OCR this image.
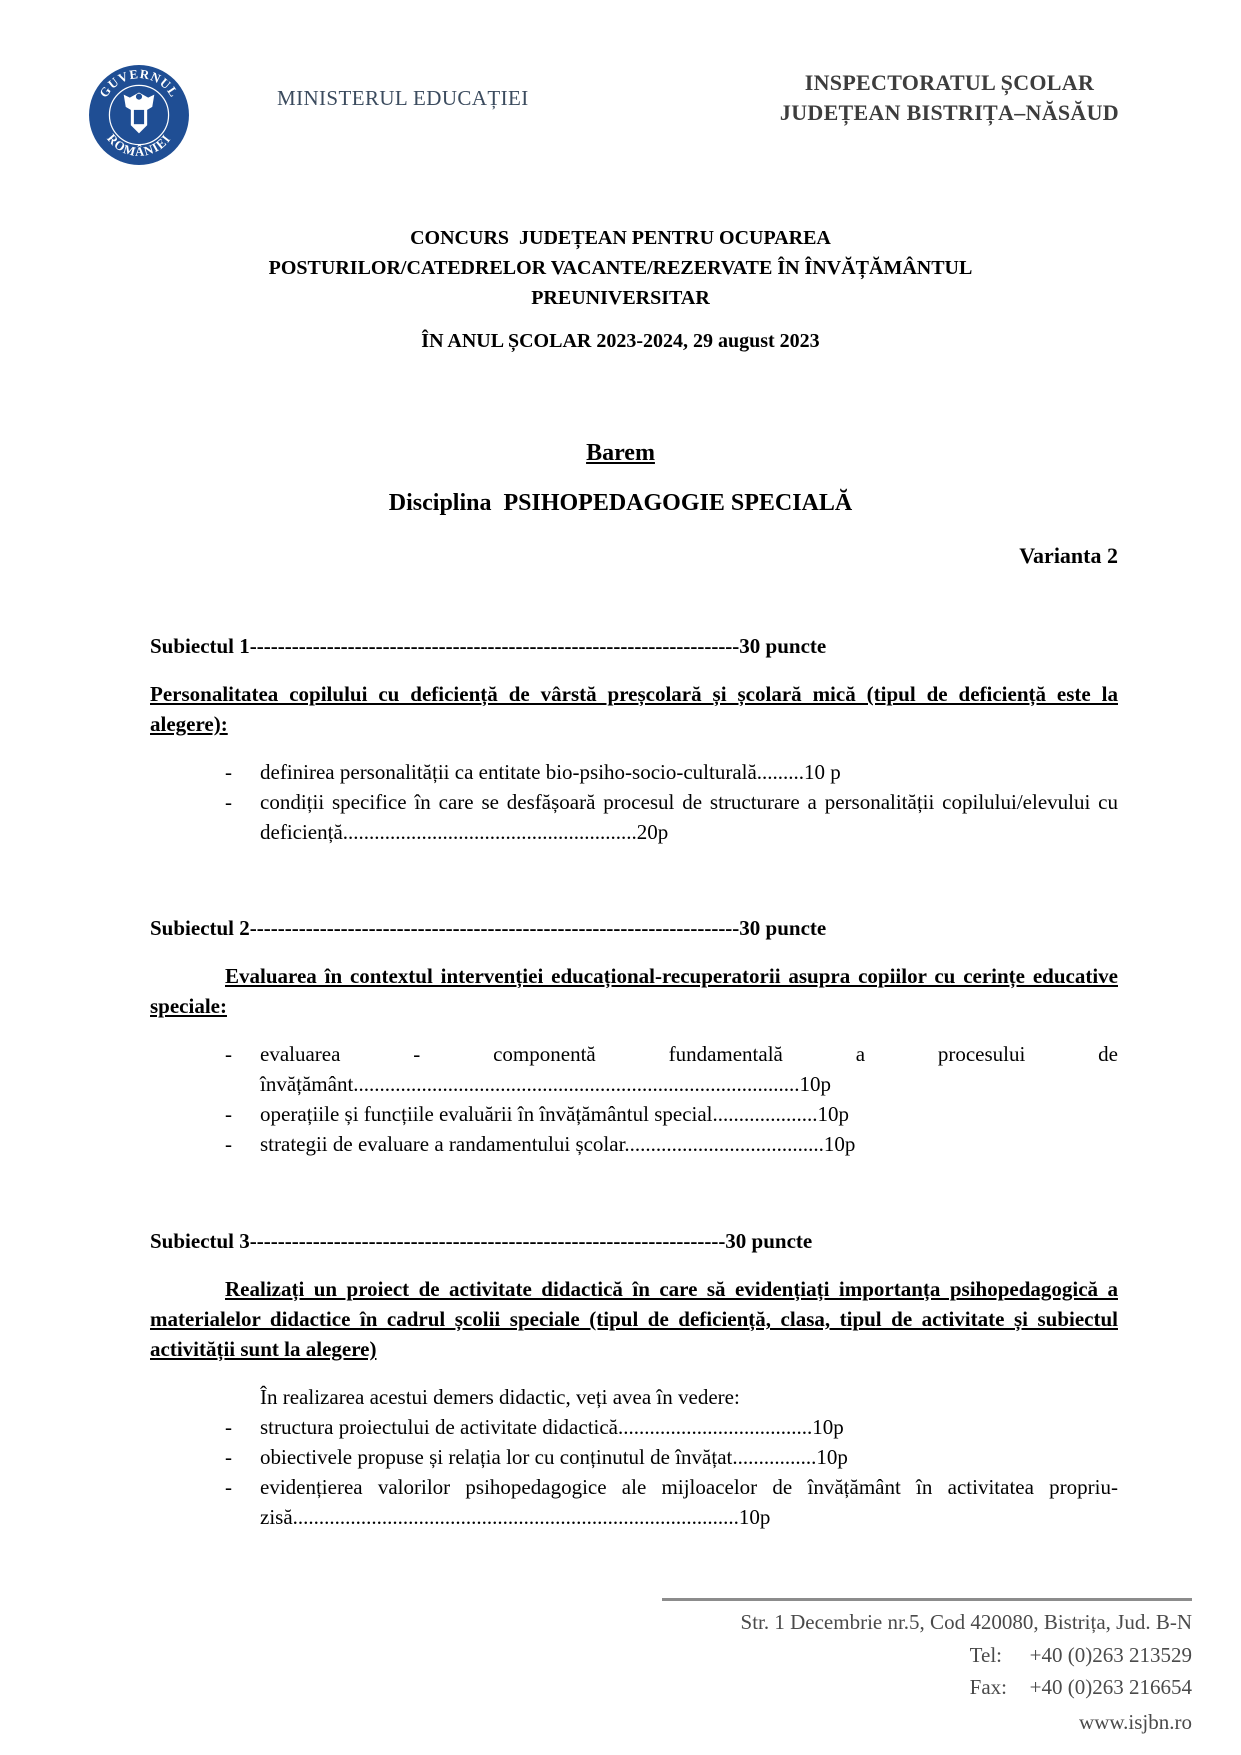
GUVERNUL
ROMÂNIEI
MINISTERUL EDUCAȚIEI
INSPECTORATUL ȘCOLAR
JUDEȚEAN BISTRIȚA–NĂSĂUD
CONCURS  JUDEȚEAN PENTRU OCUPAREA
POSTURILOR/CATEDRELOR VACANTE/REZERVATE ÎN ÎNVĂȚĂMÂNTUL
PREUNIVERSITAR
ÎN ANUL ȘCOLAR 2023-2024, 29 august 2023
Barem
Disciplina  PSIHOPEDAGOGIE SPECIALĂ
Varianta 2
Subiectul 1----------------------------------------------------------------------30 puncte
Personalitatea copilului cu deficiență de vârstă preșcolară și școlară mică (tipul de deficiență este la alegere):
- definirea personalității ca entitate bio-psiho-socio-culturală.........10 p
- condiții specifice în care se desfășoară procesul de structurare a personalității copilului/elevului cu deficiență........................................................20p
Subiectul 2----------------------------------------------------------------------30 puncte
Evaluarea în contextul intervenției educațional-recuperatorii asupra copiilor cu cerințe educative speciale:
- evaluarea - componentă fundamentală a procesului de învățământ.....................................................................................10p
- operațiile și funcțiile evaluării în învățământul special....................10p
- strategii de evaluare a randamentului școlar......................................10p
Subiectul 3--------------------------------------------------------------------30 puncte
Realizați un proiect de activitate didactică în care să evidențiați importanța psihopedagogică a materialelor didactice în cadrul școlii speciale (tipul de deficiență, clasa, tipul de activitate și subiectul activității sunt la alegere)
În realizarea acestui demers didactic, veți avea în vedere:
- structura proiectului de activitate didactică.....................................10p
- obiectivele propuse și relația lor cu conținutul de învățat................10p
- evidențierea valorilor psihopedagogice ale mijloacelor de învățământ în activitatea propriu-zisă.....................................................................................10p
Str. 1 Decembrie nr.5, Cod 420080, Bistrița, Jud. B-N
Tel: +40 (0)263 213529
Fax: +40 (0)263 216654
www.isjbn.ro
